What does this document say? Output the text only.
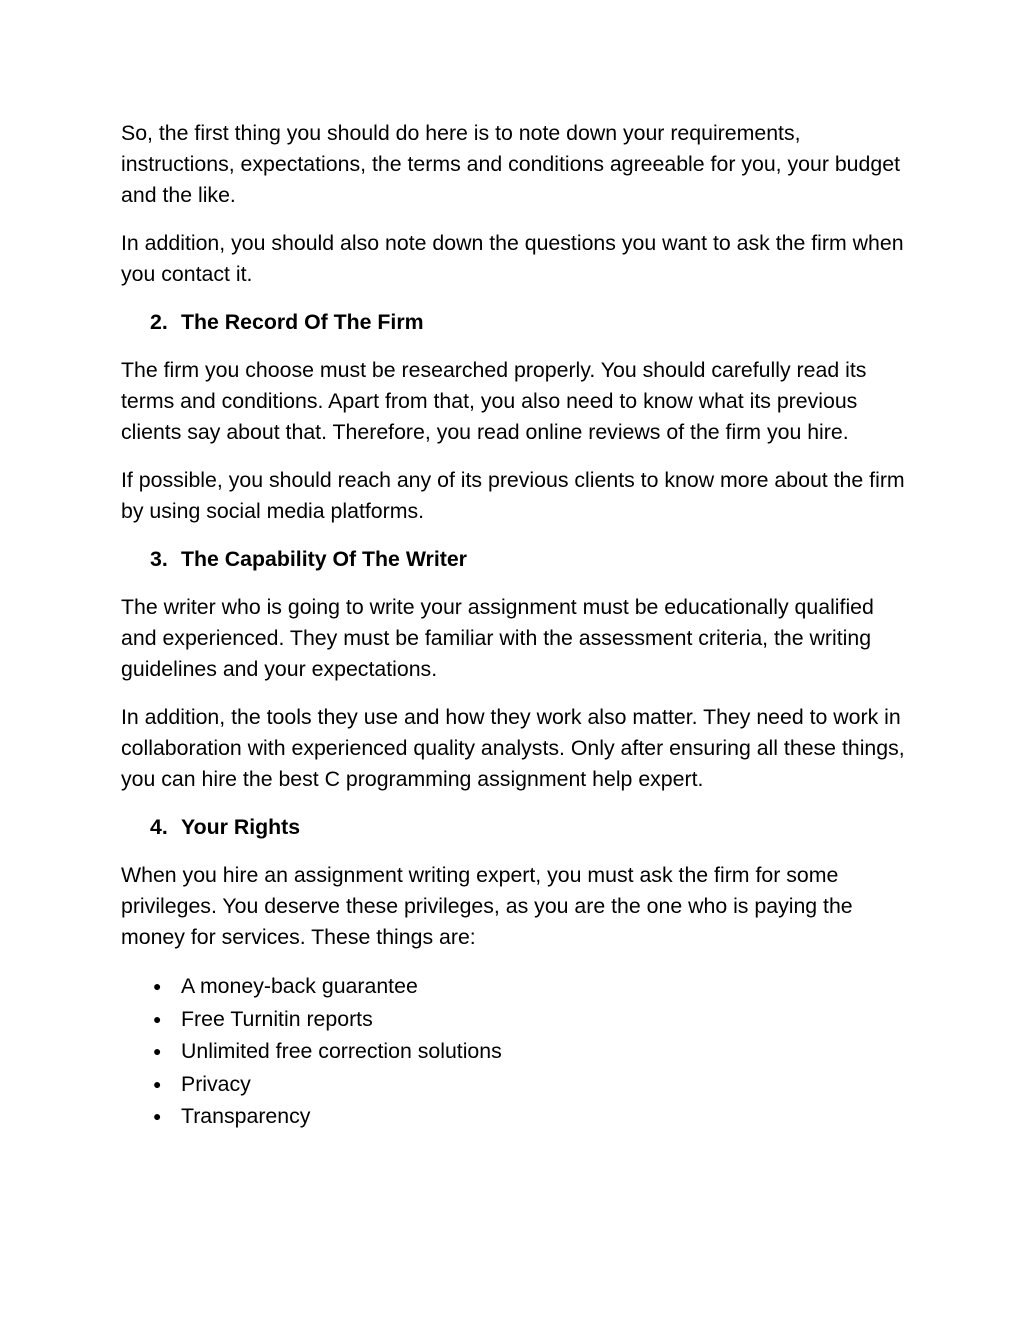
So, the first thing you should do here is to note down your requirements, instructions, expectations, the terms and conditions agreeable for you, your budget and the like.

In addition, you should also note down the questions you want to ask the firm when you contact it.

2. The Record Of The Firm

The firm you choose must be researched properly. You should carefully read its terms and conditions. Apart from that, you also need to know what its previous clients say about that. Therefore, you read online reviews of the firm you hire.

If possible, you should reach any of its previous clients to know more about the firm by using social media platforms.

3. The Capability Of The Writer

The writer who is going to write your assignment must be educationally qualified and experienced. They must be familiar with the assessment criteria, the writing guidelines and your expectations.

In addition, the tools they use and how they work also matter. They need to work in collaboration with experienced quality analysts. Only after ensuring all these things, you can hire the best C programming assignment help expert.

4. Your Rights

When you hire an assignment writing expert, you must ask the firm for some privileges. You deserve these privileges, as you are the one who is paying the money for services. These things are:

● A money-back guarantee
● Free Turnitin reports
● Unlimited free correction solutions
● Privacy
● Transparency
